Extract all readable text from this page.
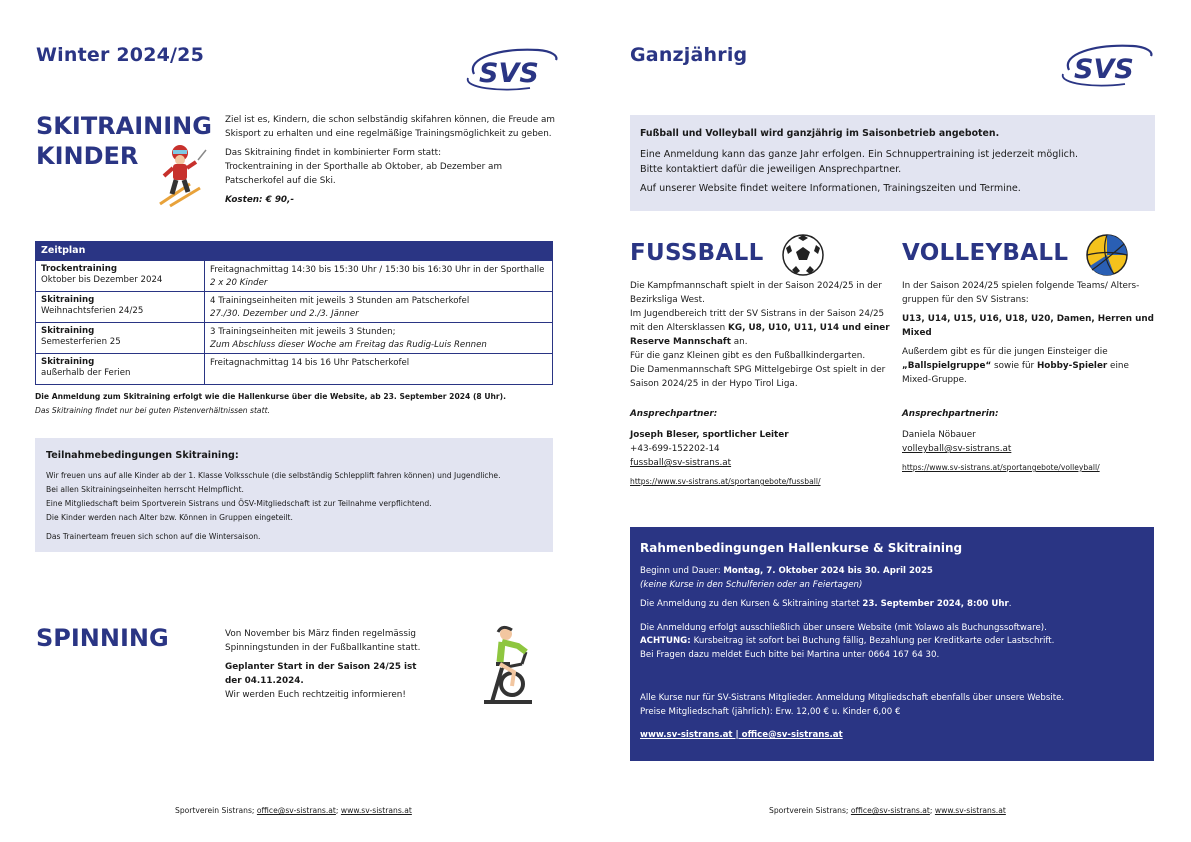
Winter 2024/25
SVS
SKITRAINING
KINDER

Ziel ist es, Kindern, die schon selbständig skifahren können, die Freude am Skisport zu erhalten und eine regelmäßige Trainingsmöglichkeit zu geben.

Das Skitraining findet in kombinierter Form statt:

Trockentraining in der Sporthalle ab Oktober, ab Dezember am Patscherkofel auf die Ski.

Kosten: € 90,-

Zeitplan
Trockentraining
Oktober bis Dezember 2024
Freitagnachmittag 14:30 bis 15:30 Uhr / 15:30 bis 16:30 Uhr in der Sporthalle
2 x 20 Kinder
Skitraining
Weihnachtsferien 24/25
4 Trainingseinheiten mit jeweils 3 Stunden am Patscherkofel
27./30. Dezember und 2./3. Jänner
Skitraining
Semesterferien 25
3 Trainingseinheiten mit jeweils 3 Stunden;
Zum Abschluss dieser Woche am Freitag das Rudig-Luis Rennen
Skitraining
außerhalb der Ferien
Freitagnachmittag 14 bis 16 Uhr Patscherkofel
Die Anmeldung zum Skitraining erfolgt wie die Hallenkurse über die Website, ab 23. September 2024 (8 Uhr).
Das Skitraining findet nur bei guten Pistenverhältnissen statt.
Teilnahmebedingungen Skitraining:
Wir freuen uns auf alle Kinder ab der 1. Klasse Volksschule (die selbständig Schlepplift fahren können) und Jugendliche.
Bei allen Skitrainingseinheiten herrscht Helmpflicht.
Eine Mitgliedschaft beim Sportverein Sistrans und ÖSV-Mitgliedschaft ist zur Teilnahme verpflichtend.
Die Kinder werden nach Alter bzw. Können in Gruppen eingeteilt.
Das Trainerteam freuen sich schon auf die Wintersaison.
SPINNING	Von November bis März finden regelmässig Spinningstunden in der Fußballkantine statt.

Geplanter Start in der Saison 24/25 ist der 04.11.2024.
Wir werden Euch rechtzeitig informieren!
Sportverein Sistrans; office@sv-sistrans.at; www.sv-sistrans.at
Ganzjährig	SVS
Fußball und Volleyball wird ganzjährig im Saisonbetrieb angeboten.
Eine Anmeldung kann das ganze Jahr erfolgen. Ein Schnuppertraining ist jederzeit möglich.
Bitte kontaktiert dafür die jeweiligen Ansprechpartner.
Auf unserer Website findet weitere Informationen, Trainingszeiten und Termine.
FUSSBALL
Die Kampfmannschaft spielt in der Saison 2024/25 in der Bezirksliga West.
Im Jugendbereich tritt der SV Sistrans in der Saison 24/25 mit den Altersklassen KG, U8, U10, U11, U14 und einer Reserve Mannschaft an.
Für die ganz Kleinen gibt es den Fußballkindergarten.
Die Damenmannschaft SPG Mittelgebirge Ost spielt in der Saison 2024/25 in der Hypo Tirol Liga.
Ansprechpartner:
Joseph Bleser, sportlicher Leiter
+43-699-152202-14
fussball@sv-sistrans.at
https://www.sv-sistrans.at/sportangebote/fussball/
VOLLEYBALL

In der Saison 2024/25 spielen folgende Teams/ Alters-gruppen für den SV Sistrans:

U13, U14, U15, U16, U18, U20, Damen, Herren und Mixed

Außerdem gibt es für die jungen Einsteiger die „Ballspielgruppe“ sowie für Hobby-Spieler eine Mixed-Gruppe.
Ansprechpartnerin:
Daniela Nöbauer
volleyball@sv-sistrans.at
https://www.sv-sistrans.at/sportangebote/volleyball/
Rahmenbedingungen Hallenkurse & Skitraining
Beginn und Dauer: Montag, 7. Oktober 2024 bis 30. April 2025
(keine Kurse in den Schulferien oder an Feiertagen)
Die Anmeldung zu den Kursen & Skitraining startet 23. September 2024, 8:00 Uhr.
Die Anmeldung erfolgt ausschließlich über unsere Website (mit Yolawo als Buchungssoftware).
ACHTUNG: Kursbeitrag ist sofort bei Buchung fällig, Bezahlung per Kreditkarte oder Lastschrift.
Bei Fragen dazu meldet Euch bitte bei Martina unter 0664 167 64 30.
Alle Kurse nur für SV-Sistrans Mitglieder. Anmeldung Mitgliedschaft ebenfalls über unsere Website.
Preise Mitgliedschaft (jährlich): Erw. 12,00 € u. Kinder 6,00 €
www.sv-sistrans.at | office@sv-sistrans.at
Sportverein Sistrans; office@sv-sistrans.at; www.sv-sistrans.at
